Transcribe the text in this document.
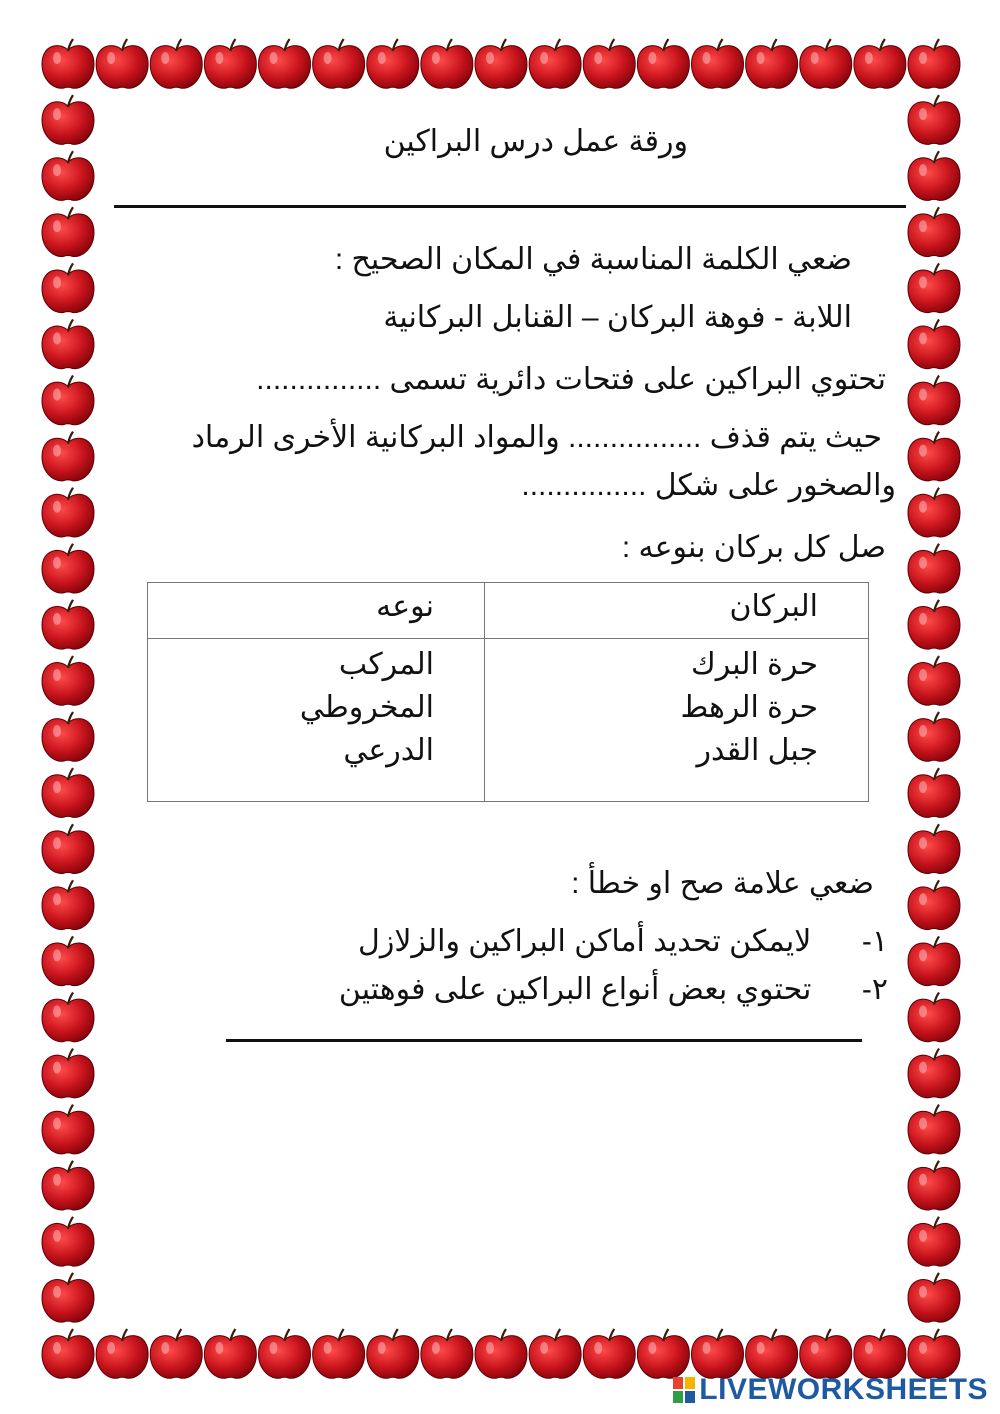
ورقة عمل درس البراكين
ضعي الكلمة المناسبة في المكان الصحيح :
اللابة - فوهة البركان – القنابل البركانية
تحتوي البراكين على فتحات دائرية تسمى ...............
حيث يتم قذف ................ والمواد البركانية الأخرى الرماد
والصخور على شكل ...............
صل كل بركان بنوعه :
نوعه	البركان
المركب
المخروطي
الدرعي
حرة البرك
حرة الرهط
جبل القدر
ضعي علامة صح او خطأ :
١-  لايمكن تحديد أماكن البراكين والزلازل
٢-  تحتوي بعض أنواع البراكين على فوهتين
LIVEWORKSHEETS
